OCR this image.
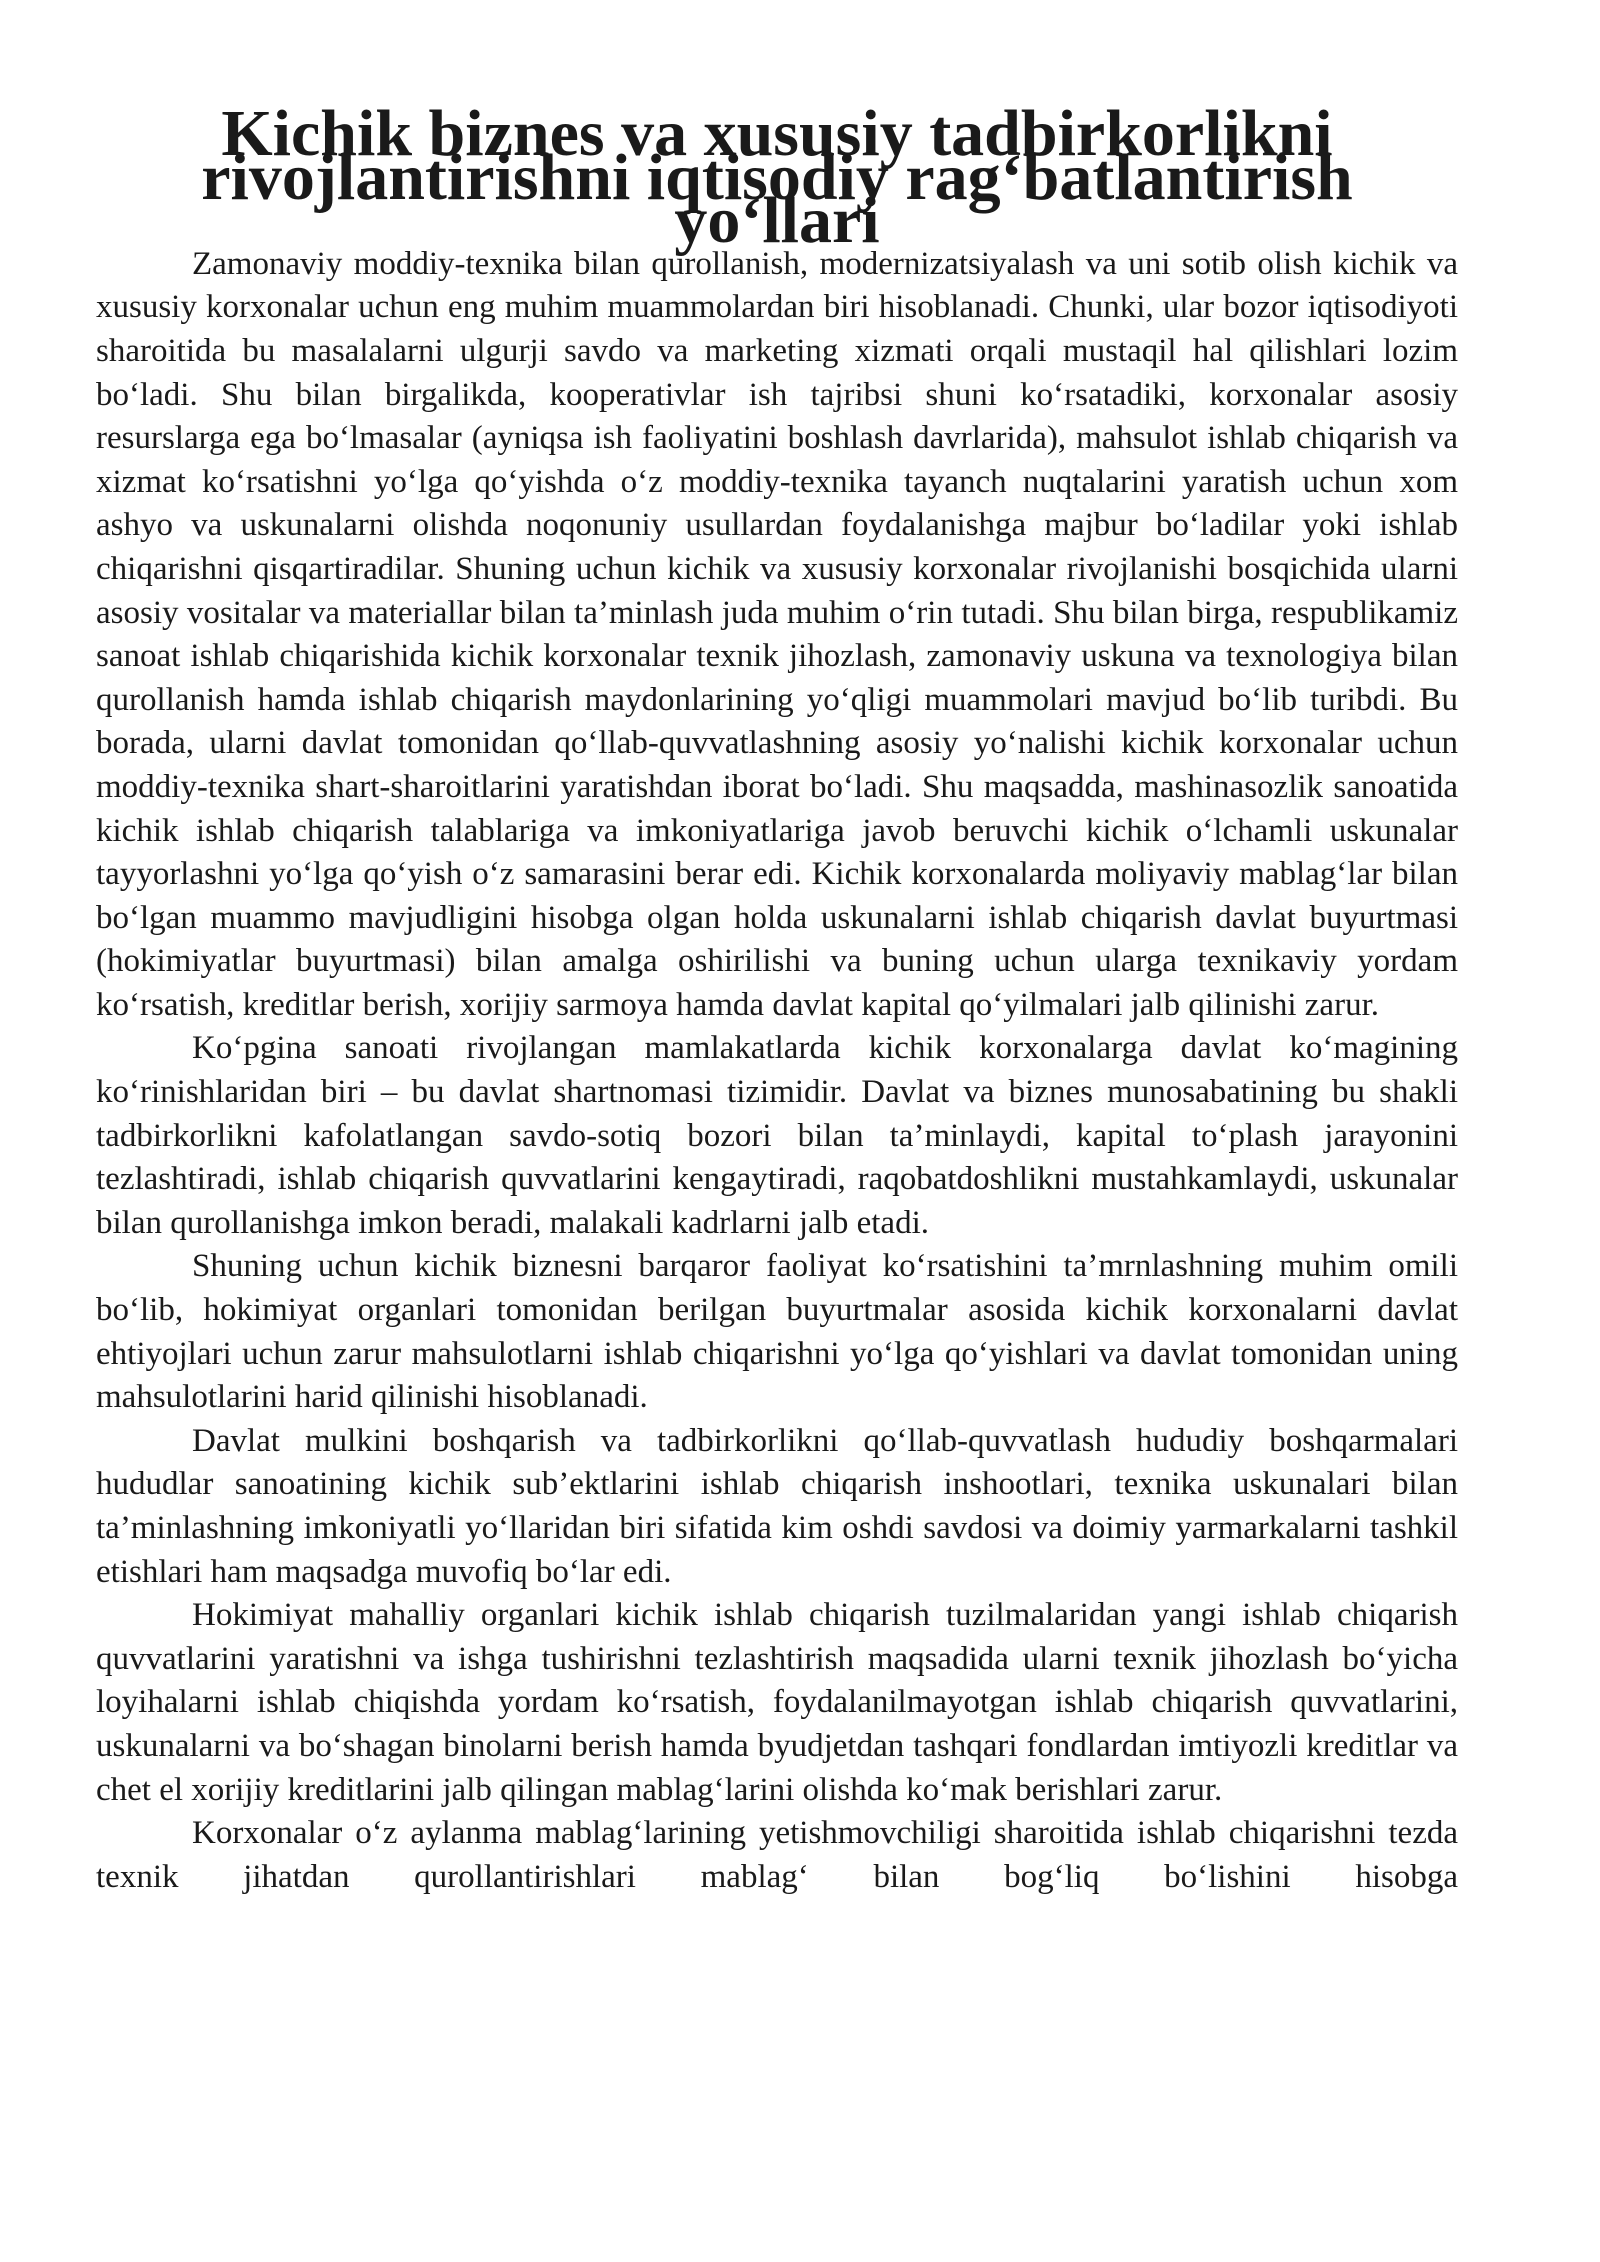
Kichik biznes va xususiy tadbirkorlikni rivojlantirishni iqtisodiy rag‘batlantirish yo‘llari

Zamonaviy moddiy-texnika bilan qurollanish, modernizatsiyalash va uni sotib olish kichik va xususiy korxonalar uchun eng muhim muammolardan biri hisoblanadi. Chunki, ular bozor iqtisodiyoti sharoitida bu masalalarni ulgurji savdo va marketing xizmati orqali mustaqil hal qilishlari lozim bo‘ladi. Shu bilan birgalikda, kooperativlar ish tajribsi shuni ko‘rsatadiki, korxonalar asosiy resurslarga ega bo‘lmasalar (ayniqsa ish faoliyatini boshlash davrlarida), mahsulot ishlab chiqarish va xizmat ko‘rsatishni yo‘lga qo‘yishda o‘z moddiy-texnika tayanch nuqtalarini yaratish uchun xom ashyo va uskunalarni olishda noqonuniy usullardan foydalanishga majbur bo‘ladilar yoki ishlab chiqarishni qisqartiradilar. Shuning uchun kichik va xususiy korxonalar rivojlanishi bosqichida ularni asosiy vositalar va materiallar bilan ta’minlash juda muhim o‘rin tutadi. Shu bilan birga, respublikamiz sanoat ishlab chiqarishida kichik korxonalar texnik jihozlash, zamonaviy uskuna va texnologiya bilan qurollanish hamda ishlab chiqarish maydonlarining yo‘qligi muammolari mavjud bo‘lib turibdi. Bu borada, ularni davlat tomonidan qo‘llab-quvvatlashning asosiy yo‘nalishi kichik korxonalar uchun moddiy-texnika shart-sharoitlarini yaratishdan iborat bo‘ladi. Shu maqsadda, mashinasozlik sanoatida kichik ishlab chiqarish talablariga va imkoniyatlariga javob beruvchi kichik o‘lchamli uskunalar tayyorlashni yo‘lga qo‘yish o‘z samarasini berar edi. Kichik korxonalarda moliyaviy mablag‘lar bilan bo‘lgan muammo mavjudligini hisobga olgan holda uskunalarni ishlab chiqarish davlat buyurtmasi (hokimiyatlar buyurtmasi) bilan amalga oshirilishi va buning uchun ularga texnikaviy yordam ko‘rsatish, kreditlar berish, xorijiy sarmoya hamda davlat kapital qo‘yilmalari jalb qilinishi zarur.

Ko‘pgina sanoati rivojlangan mamlakatlarda kichik korxonalarga davlat ko‘magining ko‘rinishlaridan biri – bu davlat shartnomasi tizimidir. Davlat va biznes munosabatining bu shakli tadbirkorlikni kafolatlangan savdo-sotiq bozori bilan ta’minlaydi, kapital to‘plash jarayonini tezlashtiradi, ishlab chiqarish quvvatlarini kengaytiradi, raqobatdoshlikni mustahkamlaydi, uskunalar bilan qurollanishga imkon beradi, malakali kadrlarni jalb etadi.

Shuning uchun kichik biznesni barqaror faoliyat ko‘rsatishini ta’mrnlashning muhim omili bo‘lib, hokimiyat organlari tomonidan berilgan buyurtmalar asosida kichik korxonalarni davlat ehtiyojlari uchun zarur mahsulotlarni ishlab chiqarishni yo‘lga qo‘yishlari va davlat tomonidan uning mahsulotlarini harid qilinishi hisoblanadi.

Davlat mulkini boshqarish va tadbirkorlikni qo‘llab-quvvatlash hududiy boshqarmalari hududlar sanoatining kichik sub’ektlarini ishlab chiqarish inshootlari, texnika uskunalari bilan ta’minlashning imkoniyatli yo‘llaridan biri sifatida kim oshdi savdosi va doimiy yarmarkalarni tashkil etishlari ham maqsadga muvofiq bo‘lar edi.

Hokimiyat mahalliy organlari kichik ishlab chiqarish tuzilmalaridan yangi ishlab chiqarish quvvatlarini yaratishni va ishga tushirishni tezlashtirish maqsadida ularni texnik jihozlash bo‘yicha loyihalarni ishlab chiqishda yordam ko‘rsatish, foydalanilmayotgan ishlab chiqarish quvvatlarini, uskunalarni va bo‘shagan binolarni berish hamda byudjetdan tashqari fondlardan imtiyozli kreditlar va chet el xorijiy kreditlarini jalb qilingan mablag‘larini olishda ko‘mak berishlari zarur.

Korxonalar o‘z aylanma mablag‘larining yetishmovchiligi sharoitida ishlab chiqarishni tezda texnik jihatdan qurollantirishlari mablag‘ bilan bog‘liq bo‘lishini hisobga
